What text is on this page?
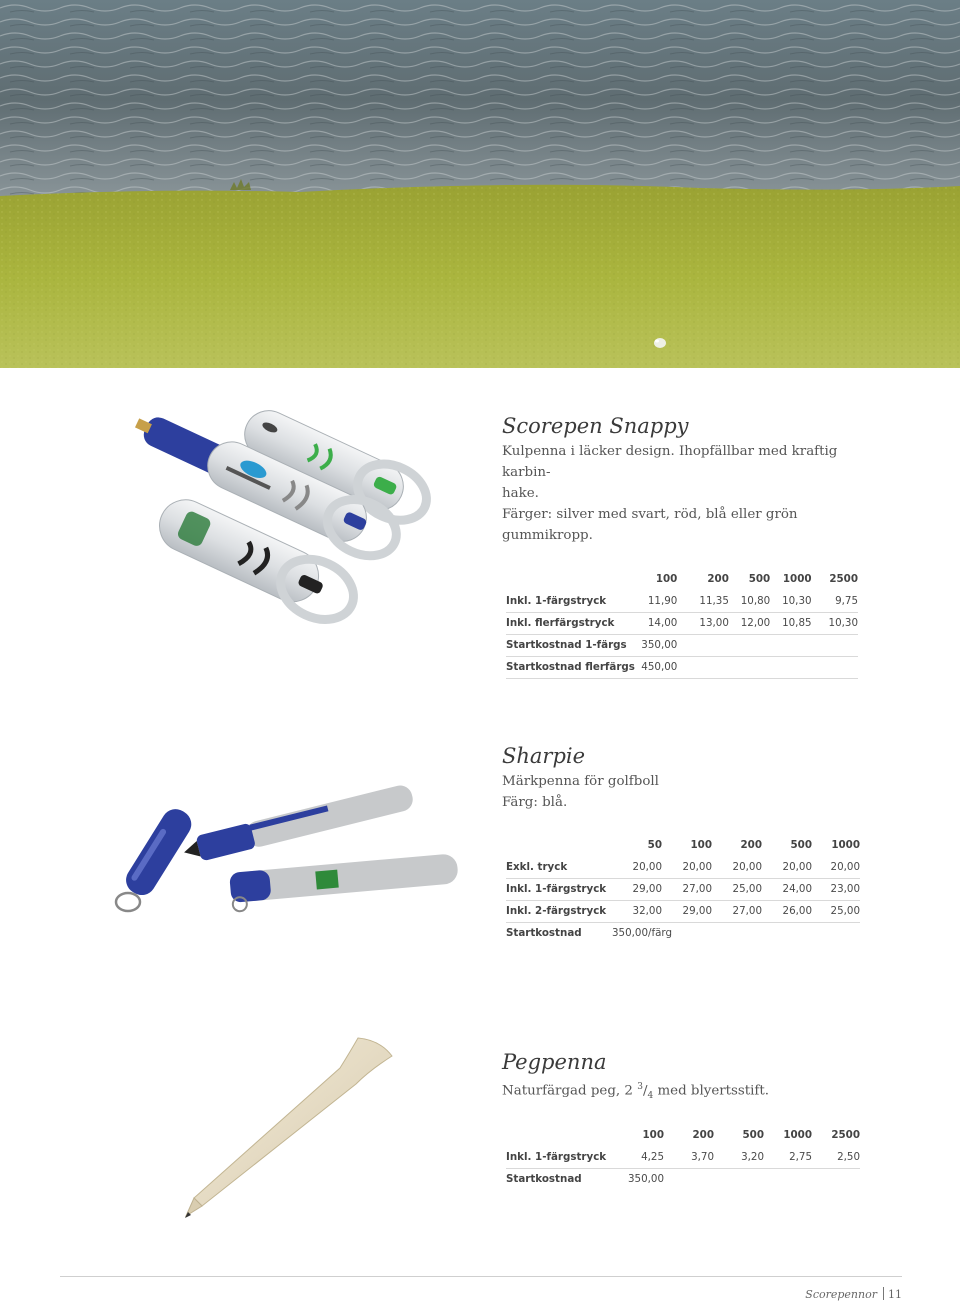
Scorepen Snappy
Kulpenna i läcker design. Ihopfällbar med kraftig karbin-
hake.
Färger: silver med svart, röd, blå eller grön gummikropp.
	100	200	500	1000	2500
Inkl. 1-färgstryck	11,90	11,35	10,80	10,30	9,75
Inkl. flerfärgstryck	14,00	13,00	12,00	10,85	10,30
Startkostnad 1-färgs	350,00				
Startkostnad flerfärgs	450,00				
Sharpie
Märkpenna för golfboll
Färg: blå.
	50	100	200	500	1000
Exkl. tryck	20,00	20,00	20,00	20,00	20,00
Inkl. 1-färgstryck	29,00	27,00	25,00	24,00	23,00
Inkl. 2-färgstryck	32,00	29,00	27,00	26,00	25,00
Startkostnad	350,00/färg				
Pegpenna
Naturfärgad peg, 2 $^3/_4$ med blyertsstift.
	100	200	500	1000	2500
Inkl. 1-färgstryck	4,25	3,70	3,20	2,75	2,50
Startkostnad	350,00				
Scorepennor 11
